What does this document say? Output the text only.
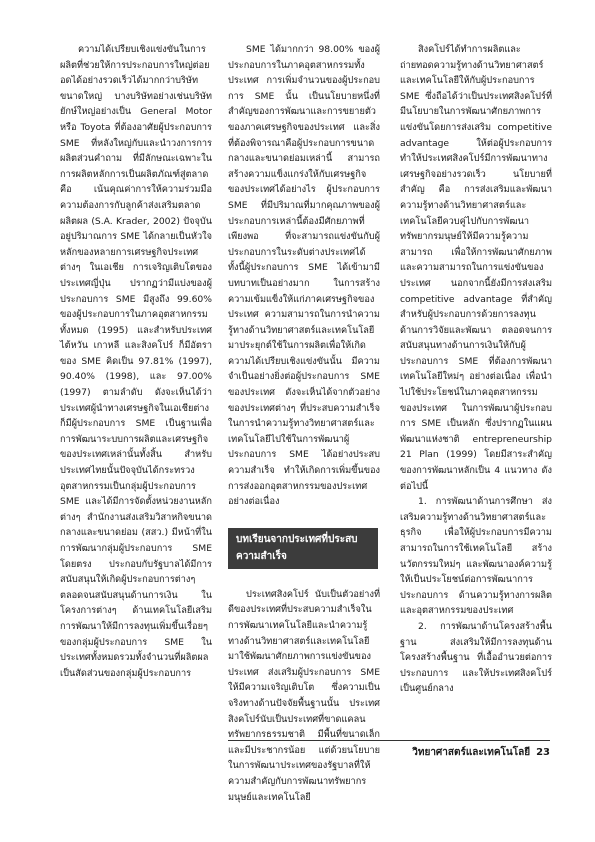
ความได้เปรียบเชิงแข่งขันในการผลิตที่ช่วยให้การประกอบการใหญ่ต่อยอดได้อย่างรวดเร็วได้มากกว่าบริษัทขนาดใหญ่ บางบริษัทอย่างเช่นบริษัทยักษ์ใหญ่อย่างเป็น General Motor หรือ Toyota ที่ต้องอาศัยผู้ประกอบการ SME ที่หลังใหญ่กับและนำวงการการผลิตส่วนคำถาม ที่มีลักษณะเฉพาะในการผลิตหลักการเป็นผลิตภัณฑ์สู่ตลาด คือ เน้นคุณค่าการให้ความร่วมมือความต้องการกับลูกค้าส่งเสริมตลาดผลิตผล (S.A. Krader, 2002) ปัจจุบันอยู่ปริมาณการ SME ได้กลายเป็นหัวใจหลักของหลายการเศรษฐกิจประเทศต่างๆ ในเอเชีย การเจริญเติบโตของประเทศญี่ปุ่น ปรากฏว่ามีแบ่งของผู้ประกอบการ SME มีสูงถึง 99.60% ของผู้ประกอบการในภาคอุตสาหกรรมทั้งหมด (1995) และสำหรับประเทศไต้หวัน เกาหลี และสิงคโปร์ ก็มีอัตราของ SME คิดเป็น 97.81% (1997), 90.40% (1998), และ 97.00% (1997) ตามลำดับ ดังจะเห็นได้ว่าประเทศผู้นำทางเศรษฐกิจในเอเชียต่างก็มีผู้ประกอบการ SME เป็นฐานเพื่อการพัฒนาระบบการผลิตและเศรษฐกิจของประเทศเหล่านั้นทั้งสิ้น สำหรับประเทศไทยนั้นปัจจุบันได้กระทรวงอุตสาหกรรมเป็นกลุ่มผู้ประกอบการ SME และได้มีการจัดตั้งหน่วยงานหลักต่างๆ สำนักงานส่งเสริมวิสาหกิจขนาดกลางและขนาดย่อม (สสว.) มีหน้าที่ในการพัฒนากลุ่มผู้ประกอบการ SME โดยตรง ประกอบกับรัฐบาลได้มีการสนับสนุนให้เกิดผู้ประกอบการต่างๆตลอดจนสนับสนุนด้านการเงิน ในโครงการต่างๆ ด้านเทคโนโลยีเสริมการพัฒนาให้มีการลงทุนเพิ่มขึ้นเรื่อยๆ ของกลุ่มผู้ประกอบการ SME ในประเทศทั้งหมดรวมทั้งจำนวนที่ผลิตผลเป็นสัดส่วนของกลุ่มผู้ประกอบการ

SME ได้มากกว่า 98.00% ของผู้ประกอบการในภาคอุตสาหกรรมทั้งประเทศ การเพิ่มจำนวนของผู้ประกอบการ SME นั้น เป็นนโยบายหนึ่งที่สำคัญของการพัฒนาและการขยายตัวของภาคเศรษฐกิจของประเทศ และสิ่งที่ต้องพิจารณาคือผู้ประกอบการขนาดกลางและขนาดย่อมเหล่านี้ สามารถสร้างความแข็งแกร่งให้กับเศรษฐกิจของประเทศได้อย่างไร ผู้ประกอบการ SME ที่มีปริมาณที่มากคุณภาพของผู้ประกอบการเหล่านี้ต้องมีศักยภาพที่เพียงพอ ที่จะสามารถแข่งขันกับผู้ประกอบการในระดับต่างประเทศได้ ทั้งนี้ผู้ประกอบการ SME ได้เข้ามามีบทบาทเป็นอย่างมาก ในการสร้างความเข้มแข็งให้แก่ภาคเศรษฐกิจของประเทศ ความสามารถในการนำความรู้ทางด้านวิทยาศาสตร์และเทคโนโลยีมาประยุกต์ใช้ในการผลิตเพื่อให้เกิดความได้เปรียบเชิงแข่งขันนั้น มีความจำเป็นอย่างยิ่งต่อผู้ประกอบการ SME ของประเทศ ดังจะเห็นได้จากตัวอย่างของประเทศต่างๆ ที่ประสบความสำเร็จในการนำความรู้ทางวิทยาศาสตร์และเทคโนโลยีไปใช้ในการพัฒนาผู้ประกอบการ SME ได้อย่างประสบความสำเร็จ ทำให้เกิดการเพิ่มขึ้นของการส่งออกอุตสาหกรรมของประเทศอย่างต่อเนื่อง

บทเรียนจากประเทศที่ประสบความสำเร็จ

ประเทศสิงคโปร์ นับเป็นตัวอย่างที่ดีของประเทศที่ประสบความสำเร็จในการพัฒนาเทคโนโลยีและนำความรู้ทางด้านวิทยาศาสตร์และเทคโนโลยีมาใช้พัฒนาศักยภาพการแข่งขันของประเทศ ส่งเสริมผู้ประกอบการ SME ให้มีความเจริญเติบโต ซึ่งความเป็นจริงทางด้านปัจจัยพื้นฐานนั้น ประเทศสิงคโปร์นับเป็นประเทศที่ขาดแคลนทรัพยากรธรรมชาติ มีพื้นที่ขนาดเล็ก และมีประชากรน้อย แต่ด้วยนโยบายในการพัฒนาประเทศของรัฐบาลที่ให้ความสำคัญกับการพัฒนาทรัพยากรมนุษย์และเทคโนโลยี

สิงคโปร์ได้ทำการผลิตและถ่ายทอดความรู้ทางด้านวิทยาศาสตร์และเทคโนโลยีให้กับผู้ประกอบการ SME ซึ่งถือได้ว่าเป็นประเทศสิงคโปร์ที่มีนโยบายในการพัฒนาศักยภาพการแข่งขันโดยการส่งเสริม competitive advantage ให้ต่อผู้ประกอบการ ทำให้ประเทศสิงคโปร์มีการพัฒนาทางเศรษฐกิจอย่างรวดเร็ว นโยบายที่สำคัญ คือ การส่งเสริมและพัฒนาความรู้ทางด้านวิทยาศาสตร์และเทคโนโลยีควบคู่ไปกับการพัฒนาทรัพยากรมนุษย์ให้มีความรู้ความสามารถ เพื่อให้การพัฒนาศักยภาพและความสามารถในการแข่งขันของประเทศ นอกจากนี้ยังมีการส่งเสริม competitive advantage ที่สำคัญสำหรับผู้ประกอบการด้วยการลงทุนด้านการวิจัยและพัฒนา ตลอดจนการสนับสนุนทางด้านการเงินให้กับผู้ประกอบการ SME ที่ต้องการพัฒนาเทคโนโลยีใหม่ๆ อย่างต่อเนื่อง เพื่อนำไปใช้ประโยชน์ในภาคอุตสาหกรรมของประเทศ ในการพัฒนาผู้ประกอบการ SME เป็นหลัก ซึ่งปรากฏในแผนพัฒนาแห่งชาติ entrepreneurship 21 Plan (1999) โดยมีสาระสำคัญของการพัฒนาหลักเป็น 4 แนวทาง ดังต่อไปนี้

1. การพัฒนาด้านการศึกษา ส่งเสริมความรู้ทางด้านวิทยาศาสตร์และธุรกิจ เพื่อให้ผู้ประกอบการมีความสามารถในการใช้เทคโนโลยี สร้างนวัตกรรมใหม่ๆ และพัฒนาองค์ความรู้ ให้เป็นประโยชน์ต่อการพัฒนาการประกอบการ ด้านความรู้ทางการผลิตและอุตสาหกรรมของประเทศ

2. การพัฒนาด้านโครงสร้างพื้นฐาน ส่งเสริมให้มีการลงทุนด้านโครงสร้างพื้นฐาน ที่เอื้ออำนวยต่อการประกอบการ และให้ประเทศสิงคโปร์เป็นศูนย์กลาง

วิทยาศาสตร์และเทคโนโลยี 23
